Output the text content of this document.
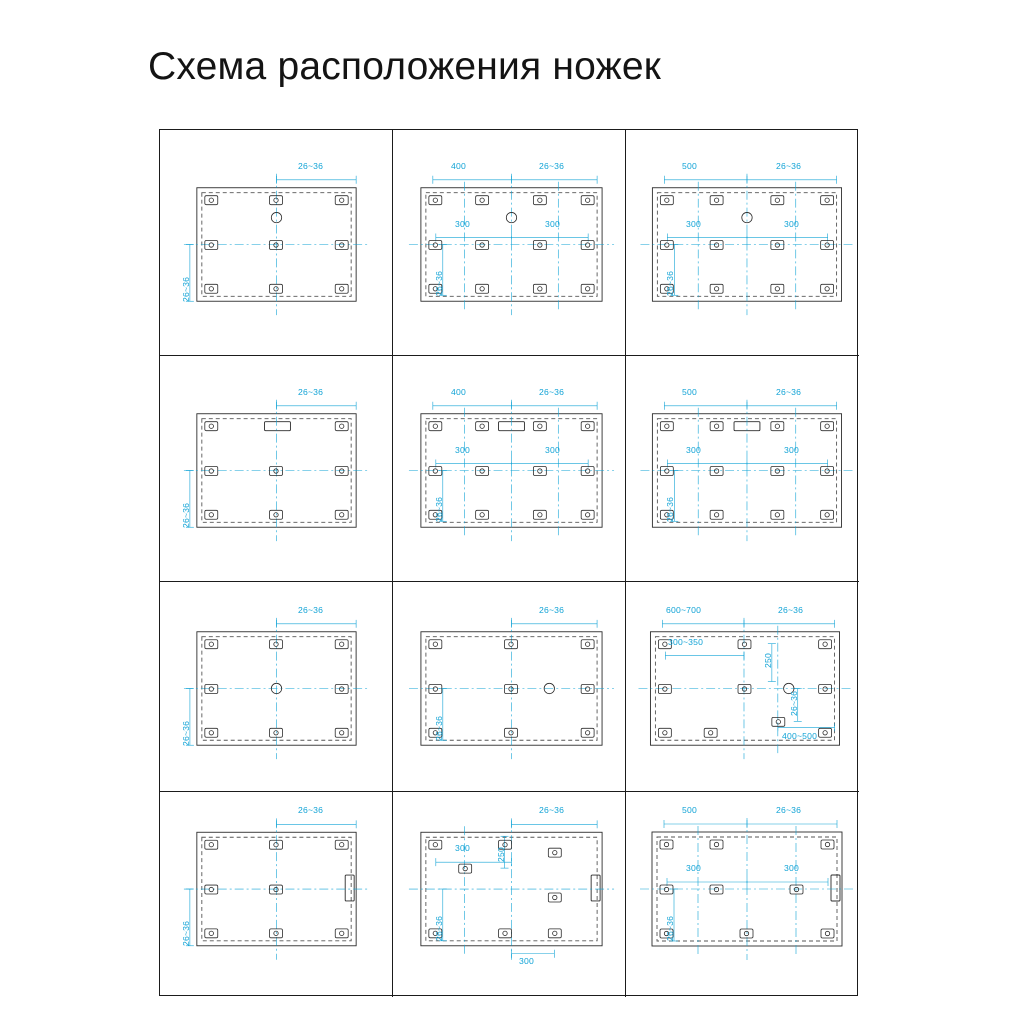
Схема расположения ножек
26~36
26~36
400	26~36
300	300
26~36
500	26~36
300	300
26~36
26~36
26~36
400	26~36
300	300
26~36
500	26~36
300	300
26~36
26~36
26~36
26~36
26~36
600~700	26~36
300~350
250
26~36
400~500
26~36
26~36
26~36
250
300
26~36
300
500	26~36
300	300
26~36
